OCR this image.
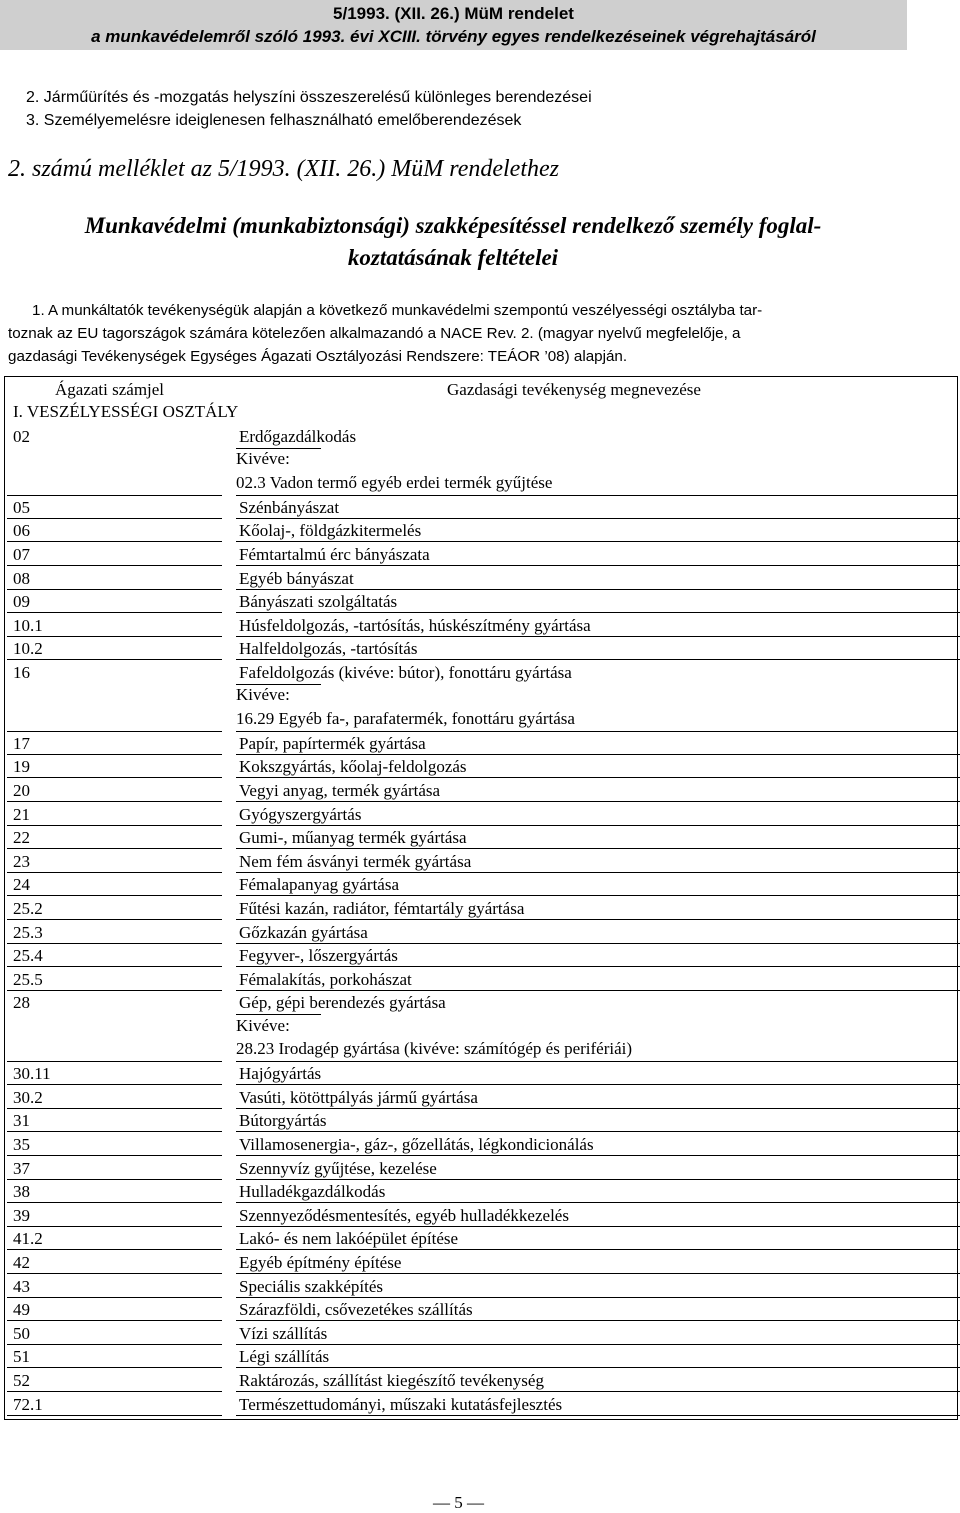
5/1993. (XII. 26.) MüM rendelet
a munkavédelemről szóló 1993. évi XCIII. törvény egyes rendelkezéseinek végrehajtásáról
2. Járműürítés és -mozgatás helyszíni összeszerelésű különleges berendezései
3. Személyemelésre ideiglenesen felhasználható emelőberendezések
2. számú melléklet az 5/1993. (XII. 26.) MüM rendelethez
Munkavédelmi (munkabiztonsági) szakképesítéssel rendelkező személy foglal-
koztatásának feltételei
1. A munkáltatók tevékenységük alapján a következő munkavédelmi szempontú veszélyességi osztályba tar-
toznak az EU tagországok számára kötelezően alkalmazandó a NACE Rev. 2. (magyar nyelvű megfelelője, a
gazdasági Tevékenységek Egységes Ágazati Osztályozási Rendszere: TEÁOR ’08) alapján.
Ágazati számjel	Gazdasági tevékenység megnevezése
I. VESZÉLYESSÉGI OSZTÁLY
02	Erdőgazdálkodás
Kivéve:
02.3 Vadon termő egyéb erdei termék gyűjtése
05	Szénbányászat
06	Kőolaj-, földgázkitermelés
07	Fémtartalmú érc bányászata
08	Egyéb bányászat
09	Bányászati szolgáltatás
10.1	Húsfeldolgozás, -tartósítás, húskészítmény gyártása
10.2	Halfeldolgozás, -tartósítás
16	Fafeldolgozás (kivéve: bútor), fonottáru gyártása
Kivéve:
16.29 Egyéb fa-, parafatermék, fonottáru gyártása
17	Papír, papírtermék gyártása
19	Kokszgyártás, kőolaj-feldolgozás
20	Vegyi anyag, termék gyártása
21	Gyógyszergyártás
22	Gumi-, műanyag termék gyártása
23	Nem fém ásványi termék gyártása
24	Fémalapanyag gyártása
25.2	Fűtési kazán, radiátor, fémtartály gyártása
25.3	Gőzkazán gyártása
25.4	Fegyver-, lőszergyártás
25.5	Fémalakítás, porkohászat
28	Gép, gépi berendezés gyártása
Kivéve:
28.23 Irodagép gyártása (kivéve: számítógép és perifériái)
30.11	Hajógyártás
30.2	Vasúti, kötöttpályás jármű gyártása
31	Bútorgyártás
35	Villamosenergia-, gáz-, gőzellátás, légkondicionálás
37	Szennyvíz gyűjtése, kezelése
38	Hulladékgazdálkodás
39	Szennyeződésmentesítés, egyéb hulladékkezelés
41.2	Lakó- és nem lakóépület építése
42	Egyéb építmény építése
43	Speciális szakképítés
49	Szárazföldi, csővezetékes szállítás
50	Vízi szállítás
51	Légi szállítás
52	Raktározás, szállítást kiegészítő tevékenység
72.1	Természettudományi, műszaki kutatásfejlesztés
— 5 —
